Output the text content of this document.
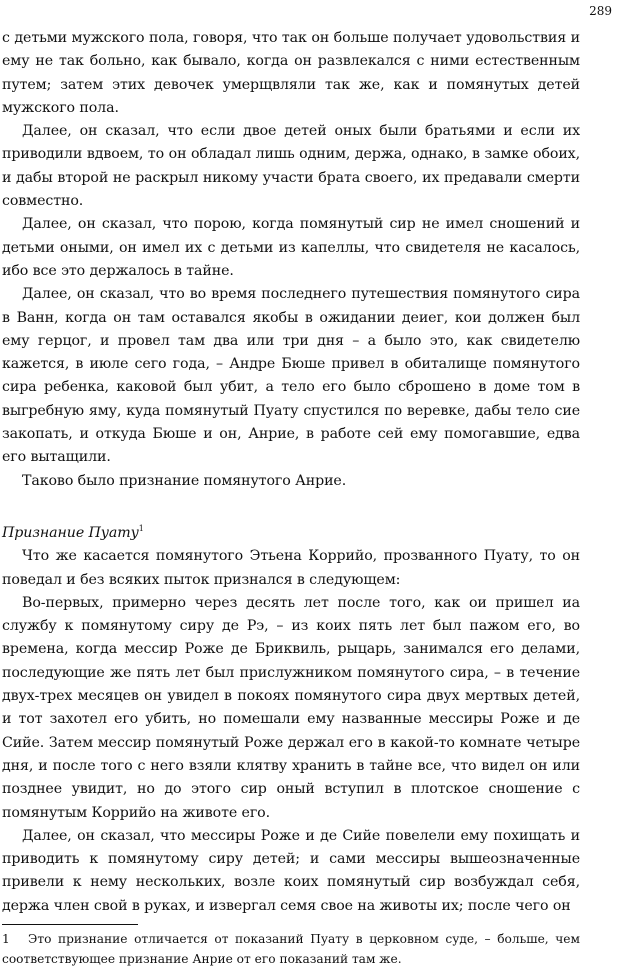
289

с детьми мужского пола, говоря, что так он больше получает удовольствия и ему не так больно, как бывало, когда он развлекался с ними естественным путем; затем этих девочек умерщвляли так же, как и помянутых детей мужского пола.

Далее, он сказал, что если двое детей оных были братьями и если их приводили вдвоем, то он обладал лишь одним, держа, однако, в замке обоих, и дабы второй не раскрыл никому участи брата своего, их предавали смерти совместно.

Далее, он сказал, что порою, когда помянутый сир не имел сношений и детьми оными, он имел их с детьми из капеллы, что свидетеля не касалось, ибо все это держалось в тайне.

Далее, он сказал, что во время последнего путешествия помянутого сира в Ванн, когда он там оставался якобы в ожидании деиег, кои должен был ему герцог, и провел там два или три дня – а было это, как свидетелю кажется, в июле сего года, – Андре Бюше привел в обиталище помянутого сира ребенка, каковой был убит, а тело его было сброшено в доме том в выгребную яму, куда помянутый Пуату спустился по веревке, дабы тело сие закопать, и откуда Бюше и он, Анрие, в работе сей ему помогавшие, едва его вытащили.

Таково было признание помянутого Анрие.

Признание Пуату$^1$

Что же касается помянутого Этьена Коррийо, прозванного Пуату, то он поведал и без всяких пыток признался в следующем:

Во-первых, примерно через десять лет после того, как ои пришел иа службу к помянутому сиру де Рэ, – из коих пять лет был пажом его, во времена, когда мессир Роже де Бриквиль, рыцарь, занимался его делами, последующие же пять лет был прислужником помянутого сира, – в течение двух-трех месяцев он увидел в покоях помянутого сира двух мертвых детей, и тот захотел его убить, но помешали ему названные мессиры Роже и де Сийе. Затем мессир помянутый Роже держал его в какой-то комнате четыре дня, и после того с него взяли клятву хранить в тайне все, что видел он или позднее увидит, но до этого сир оный вступил в плотское сношение с помянутым Коррийо на животе его.

Далее, он сказал, что мессиры Роже и де Сийе повелели ему похищать и приводить к помянутому сиру детей; и сами мессиры вышеозначенные привели к нему нескольких, возле коих помянутый сир возбуждал себя, держа член свой в руках, и извергал семя свое на животы их; после чего он

1 Это признание отличается от показаний Пуату в церковном суде, – больше, чем соответствующее признание Анрие от его показаний там же.
